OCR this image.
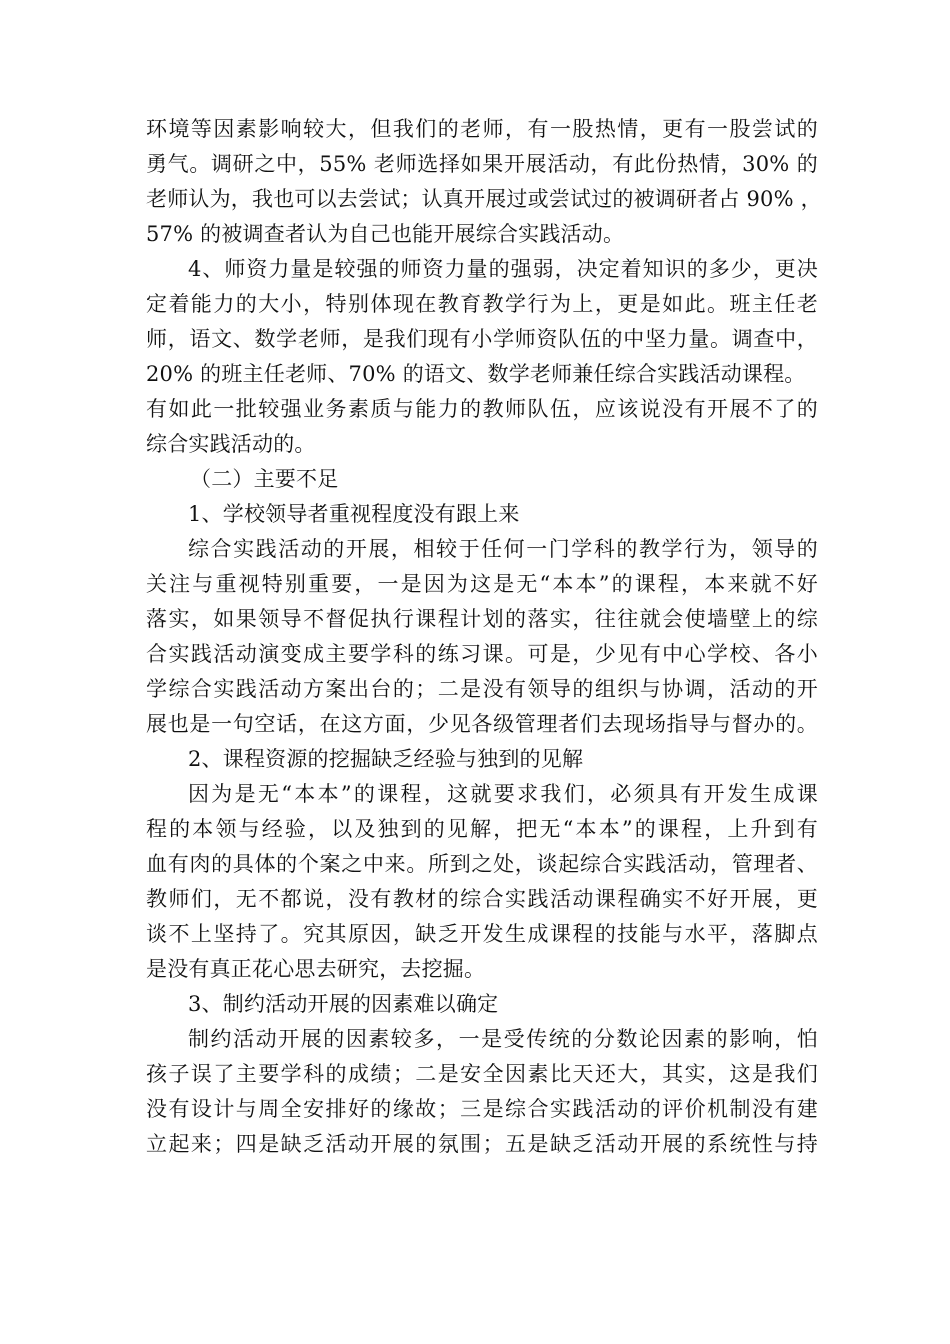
环境等因素影响较大，但我们的老师，有一股热情，更有一股尝试的
勇气。调研之中，55% 老师选择如果开展活动，有此份热情，30% 的
老师认为，我也可以去尝试；认真开展过或尝试过的被调研者占 90% ，
57% 的被调查者认为自己也能开展综合实践活动。
4、师资力量是较强的师资力量的强弱，决定着知识的多少，更决
定着能力的大小，特别体现在教育教学行为上，更是如此。班主任老
师，语文、数学老师，是我们现有小学师资队伍的中坚力量。调查中，
20% 的班主任老师、70% 的语文、数学老师兼任综合实践活动课程。
有如此一批较强业务素质与能力的教师队伍，应该说没有开展不了的
综合实践活动的。
（二）主要不足
1、学校领导者重视程度没有跟上来
综合实践活动的开展，相较于任何一门学科的教学行为，领导的
关注与重视特别重要，一是因为这是无“本本”的课程，本来就不好
落实，如果领导不督促执行课程计划的落实，往往就会使墙壁上的综
合实践活动演变成主要学科的练习课。可是，少见有中心学校、各小
学综合实践活动方案出台的；二是没有领导的组织与协调，活动的开
展也是一句空话，在这方面，少见各级管理者们去现场指导与督办的。
2、课程资源的挖掘缺乏经验与独到的见解
因为是无“本本”的课程，这就要求我们，必须具有开发生成课
程的本领与经验，以及独到的见解，把无“本本”的课程，上升到有
血有肉的具体的个案之中来。所到之处，谈起综合实践活动，管理者、
教师们，无不都说，没有教材的综合实践活动课程确实不好开展，更
谈不上坚持了。究其原因，缺乏开发生成课程的技能与水平，落脚点
是没有真正花心思去研究，去挖掘。
3、制约活动开展的因素难以确定
制约活动开展的因素较多，一是受传统的分数论因素的影响，怕
孩子误了主要学科的成绩；二是安全因素比天还大，其实，这是我们
没有设计与周全安排好的缘故；三是综合实践活动的评价机制没有建
立起来；四是缺乏活动开展的氛围；五是缺乏活动开展的系统性与持
